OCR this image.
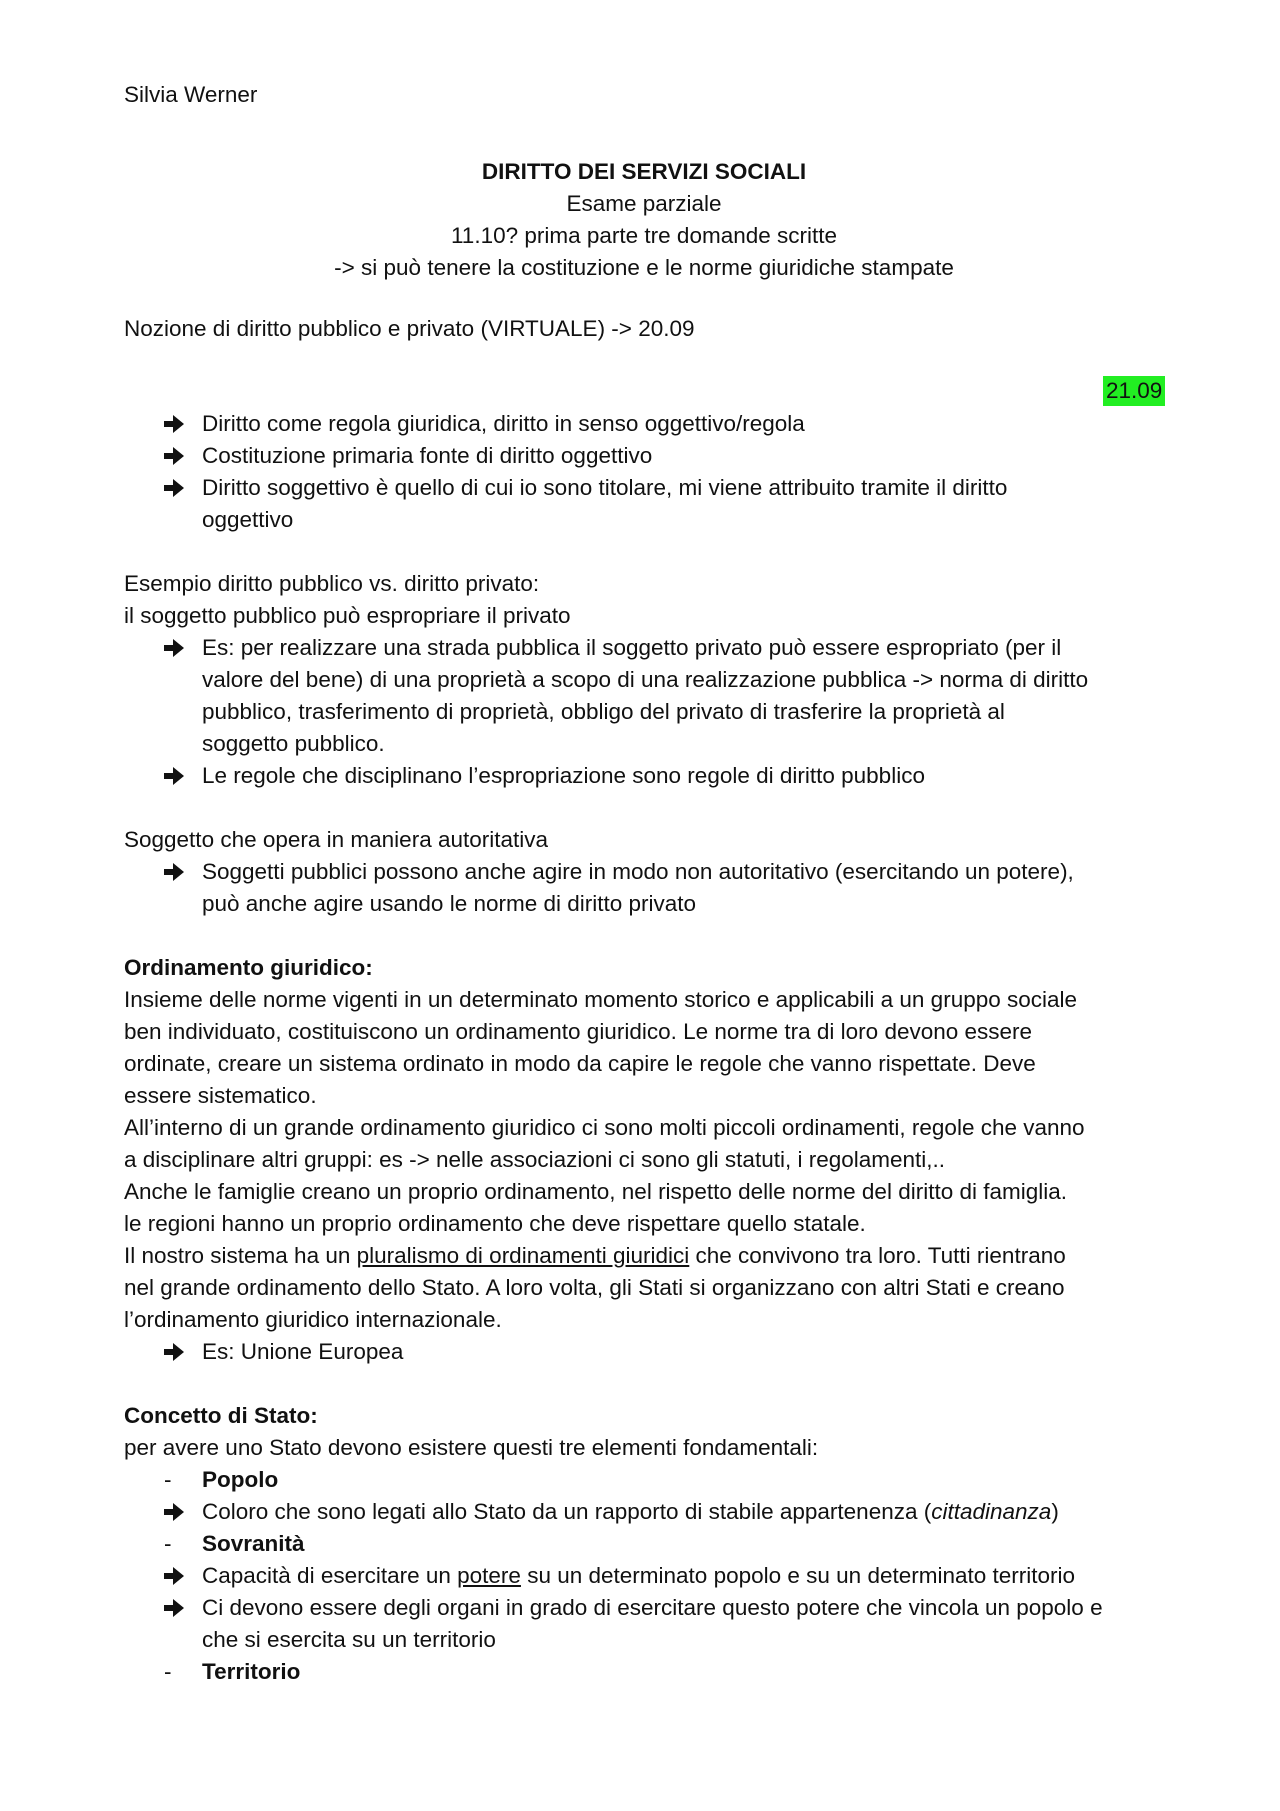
Silvia Werner
DIRITTO DEI SERVIZI SOCIALI
Esame parziale
11.10? prima parte tre domande scritte
-> si può tenere la costituzione e le norme giuridiche stampate
Nozione di diritto pubblico e privato (VIRTUALE) -> 20.09
21.09
Diritto come regola giuridica, diritto in senso oggettivo/regola
Costituzione primaria fonte di diritto oggettivo
Diritto soggettivo è quello di cui io sono titolare, mi viene attribuito tramite il diritto
oggettivo
Esempio diritto pubblico vs. diritto privato:
il soggetto pubblico può espropriare il privato
Es: per realizzare una strada pubblica il soggetto privato può essere espropriato (per il
valore del bene) di una proprietà a scopo di una realizzazione pubblica -> norma di diritto
pubblico, trasferimento di proprietà, obbligo del privato di trasferire la proprietà al
soggetto pubblico.
Le regole che disciplinano l’espropriazione sono regole di diritto pubblico
Soggetto che opera in maniera autoritativa
Soggetti pubblici possono anche agire in modo non autoritativo (esercitando un potere),
può anche agire usando le norme di diritto privato
Ordinamento giuridico:
Insieme delle norme vigenti in un determinato momento storico e applicabili a un gruppo sociale
ben individuato, costituiscono un ordinamento giuridico. Le norme tra di loro devono essere
ordinate, creare un sistema ordinato in modo da capire le regole che vanno rispettate. Deve
essere sistematico.
All’interno di un grande ordinamento giuridico ci sono molti piccoli ordinamenti, regole che vanno
a disciplinare altri gruppi: es -> nelle associazioni ci sono gli statuti, i regolamenti,..
Anche le famiglie creano un proprio ordinamento, nel rispetto delle norme del diritto di famiglia.
le regioni hanno un proprio ordinamento che deve rispettare quello statale.
Il nostro sistema ha un pluralismo di ordinamenti giuridici che convivono tra loro. Tutti rientrano
nel grande ordinamento dello Stato. A loro volta, gli Stati si organizzano con altri Stati e creano
l’ordinamento giuridico internazionale.
Es: Unione Europea
Concetto di Stato:
per avere uno Stato devono esistere questi tre elementi fondamentali:
-	Popolo
Coloro che sono legati allo Stato da un rapporto di stabile appartenenza (cittadinanza)
-	Sovranità
Capacità di esercitare un potere su un determinato popolo e su un determinato territorio
Ci devono essere degli organi in grado di esercitare questo potere che vincola un popolo e
che si esercita su un territorio
-	Territorio
